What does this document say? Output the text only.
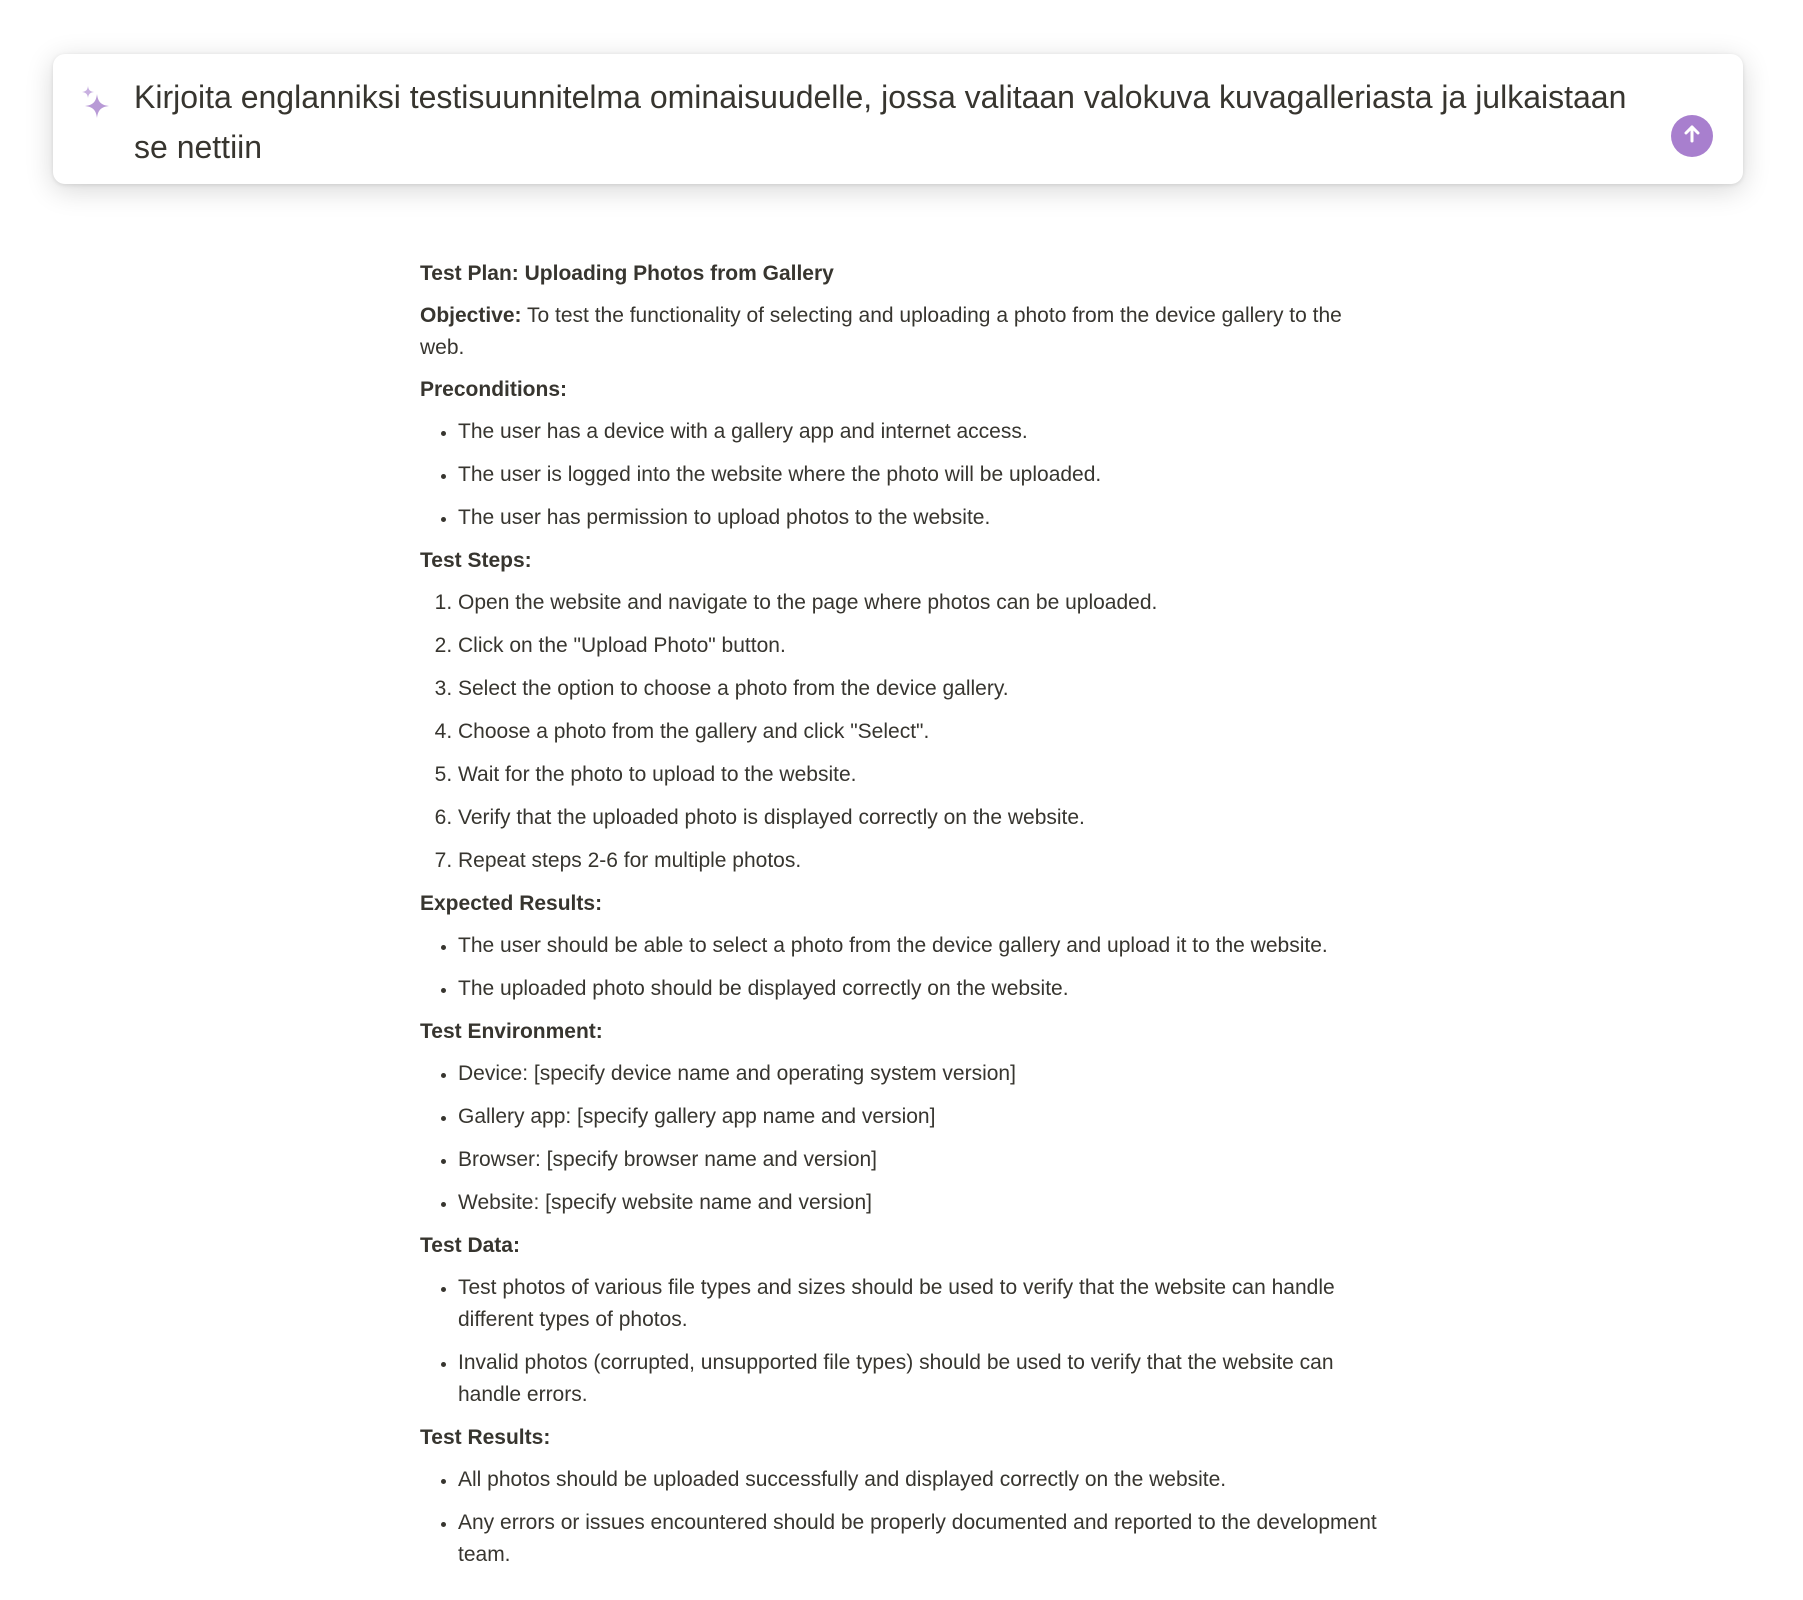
Kirjoita englanniksi testisuunnitelma ominaisuudelle, jossa valitaan valokuva kuvagalleriasta ja julkaistaan se nettiin

Test Plan: Uploading Photos from Gallery

Objective: To test the functionality of selecting and uploading a photo from the device gallery to the web.

Preconditions:

• The user has a device with a gallery app and internet access.
• The user is logged into the website where the photo will be uploaded.
• The user has permission to upload photos to the website.

Test Steps:

1. Open the website and navigate to the page where photos can be uploaded.
2. Click on the "Upload Photo" button.
3. Select the option to choose a photo from the device gallery.
4. Choose a photo from the gallery and click "Select".
5. Wait for the photo to upload to the website.
6. Verify that the uploaded photo is displayed correctly on the website.
7. Repeat steps 2-6 for multiple photos.

Expected Results:

• The user should be able to select a photo from the device gallery and upload it to the website.
• The uploaded photo should be displayed correctly on the website.

Test Environment:

• Device: [specify device name and operating system version]
• Gallery app: [specify gallery app name and version]
• Browser: [specify browser name and version]
• Website: [specify website name and version]

Test Data:

• Test photos of various file types and sizes should be used to verify that the website can handle different types of photos.
• Invalid photos (corrupted, unsupported file types) should be used to verify that the website can handle errors.

Test Results:

• All photos should be uploaded successfully and displayed correctly on the website.
• Any errors or issues encountered should be properly documented and reported to the development team.
